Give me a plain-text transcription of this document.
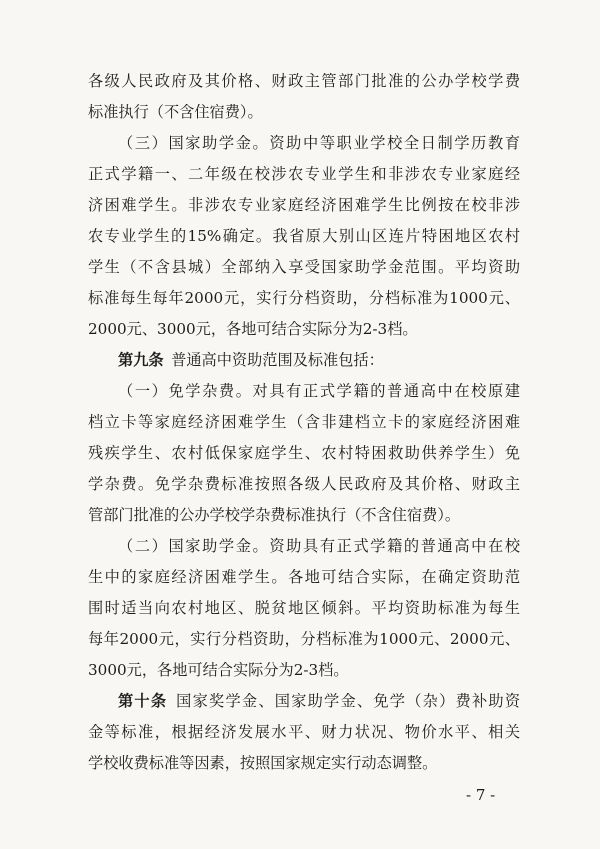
各级人民政府及其价格、财政主管部门批准的公办学校学费
标准执行（不含住宿费）。
（三）国家助学金。资助中等职业学校全日制学历教育
正式学籍一、二年级在校涉农专业学生和非涉农专业家庭经
济困难学生。非涉农专业家庭经济困难学生比例按在校非涉
农专业学生的15%确定。我省原大别山区连片特困地区农村
学生（不含县城）全部纳入享受国家助学金范围。平均资助
标准每生每年2000元，实行分档资助，分档标准为1000元、
2000元、3000元，各地可结合实际分为2-3档。
第九条  普通高中资助范围及标准包括：
（一）免学杂费。对具有正式学籍的普通高中在校原建
档立卡等家庭经济困难学生（含非建档立卡的家庭经济困难
残疾学生、农村低保家庭学生、农村特困救助供养学生）免
学杂费。免学杂费标准按照各级人民政府及其价格、财政主
管部门批准的公办学校学杂费标准执行（不含住宿费）。
（二）国家助学金。资助具有正式学籍的普通高中在校
生中的家庭经济困难学生。各地可结合实际，在确定资助范
围时适当向农村地区、脱贫地区倾斜。平均资助标准为每生
每年2000元，实行分档资助，分档标准为1000元、2000元、
3000元，各地可结合实际分为2-3档。
第十条  国家奖学金、国家助学金、免学（杂）费补助资
金等标准，根据经济发展水平、财力状况、物价水平、相关
学校收费标准等因素，按照国家规定实行动态调整。
- 7 -
